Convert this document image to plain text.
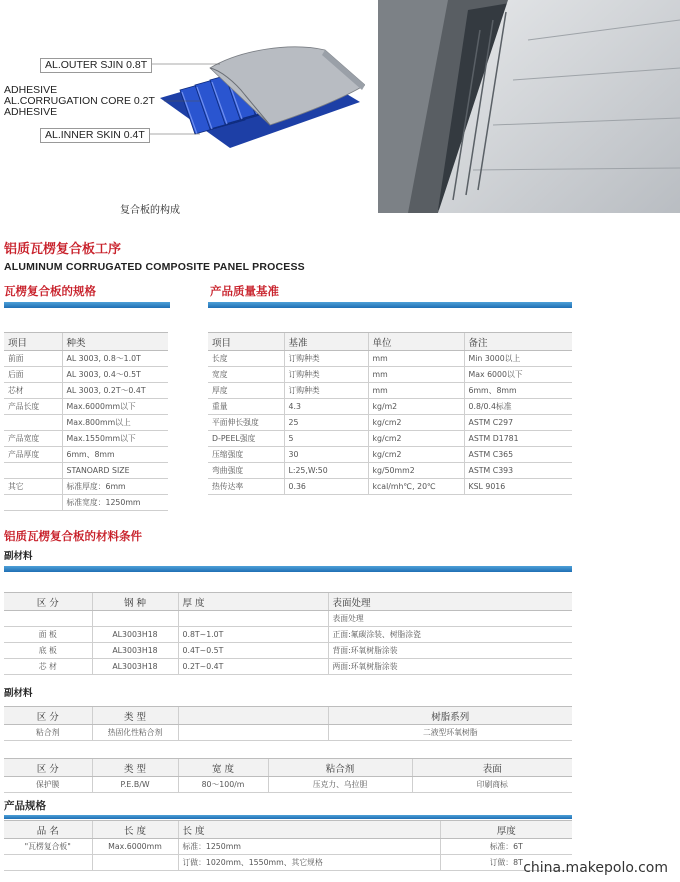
AL.OUTER SJIN 0.8T
ADHESIVE
AL.CORRUGATION CORE 0.2T
ADHESIVE
AL.INNER SKIN 0.4T
复合板的构成
铝质瓦楞复合板工序
ALUMINUM CORRUGATED COMPOSITE PANEL PROCESS
瓦楞复合板的规格
项目	种类
前面	AL 3003, 0.8～1.0T
后面	AL 3003, 0.4～0.5T
芯材	AL 3003, 0.2T～0.4T
产品长度	Max.6000mm以下
	Max.800mm以上
产品宽度	Max.1550mm以下
产品厚度	6mm、8mm
	STANOARD SIZE
其它	标准厚度：6mm
	标准宽度：1250mm
产品质量基准
项目	基准	单位	备注
长度	订购种类	mm	Min 3000以上
宽度	订购种类	mm	Max 6000以下
厚度	订购种类	mm	6mm、8mm
重量	4.3	kg/m2	0.8/0.4标准
平面伸长强度	25	kg/cm2	ASTM C297
D-PEEL强度	5	kg/cm2	ASTM D1781
压缩强度	30	kg/cm2	ASTM C365
弯曲强度	L:25,W:50	kg/50mm2	ASTM C393
热传达率	0.36	kcal/mh℃, 20℃	KSL 9016
铝质瓦楞复合板的材料条件
副材料
区 分	钢 种	厚 度	表面处理
			表面处理
面 板	AL3003H18	0.8T~1.0T	正面:氟碳涂装、树脂涂瓷
底 板	AL3003H18	0.4T~0.5T	背面:环氧树脂涂装
芯 材	AL3003H18	0.2T~0.4T	两面:环氧树脂涂装
副材料
区 分	类 型		树脂系列
粘合剂	热固化性粘合剂		二液型环氧树脂
区 分	类 型	宽 度	粘合剂	表面
保护膜	P.E.B/W	80～100/m	压克力、乌拉胆	印刷商标
产品规格
品 名	长 度	长 度	厚度
"瓦楞复合板"	Max.6000mm	标准：1250mm	标准：6T
		订做：1020mm、1550mm、其它规格	订做：8T china.makepolo.com
